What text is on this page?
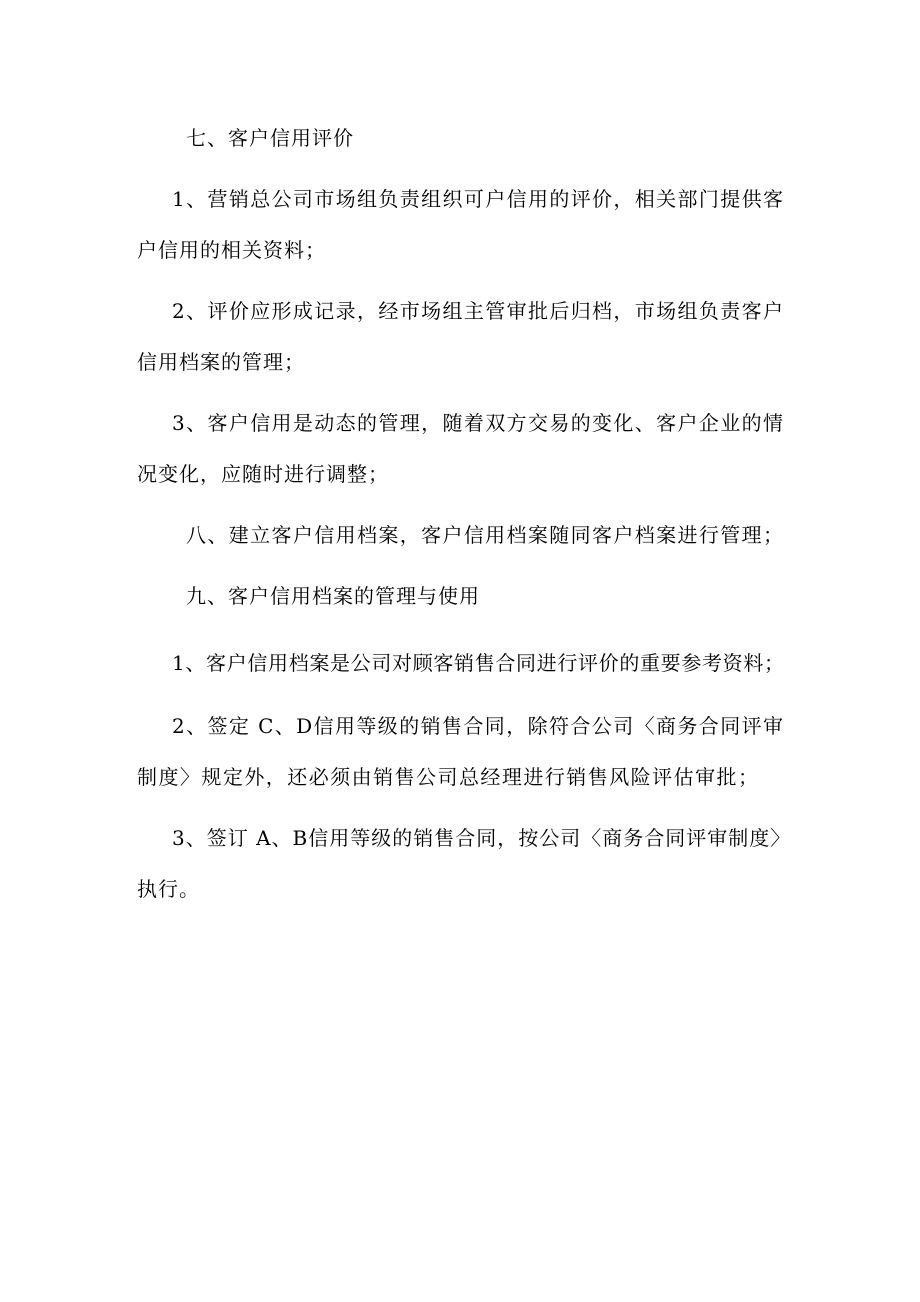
七、客户信用评价
1、营销总公司市场组负责组织可户信用的评价，相关部门提供客
户信用的相关资料；
2、评价应形成记录，经市场组主管审批后归档，市场组负责客户
信用档案的管理；
3、客户信用是动态的管理，随着双方交易的变化、客户企业的情
况变化，应随时进行调整；
八、建立客户信用档案，客户信用档案随同客户档案进行管理；
九、客户信用档案的管理与使用
1、客户信用档案是公司对顾客销售合同进行评价的重要参考资料；
2、签定 C、D信用等级的销售合同，除符合公司〈商务合同评审
制度〉规定外，还必须由销售公司总经理进行销售风险评估审批；
3、签订 A、B信用等级的销售合同，按公司〈商务合同评审制度〉
执行。
